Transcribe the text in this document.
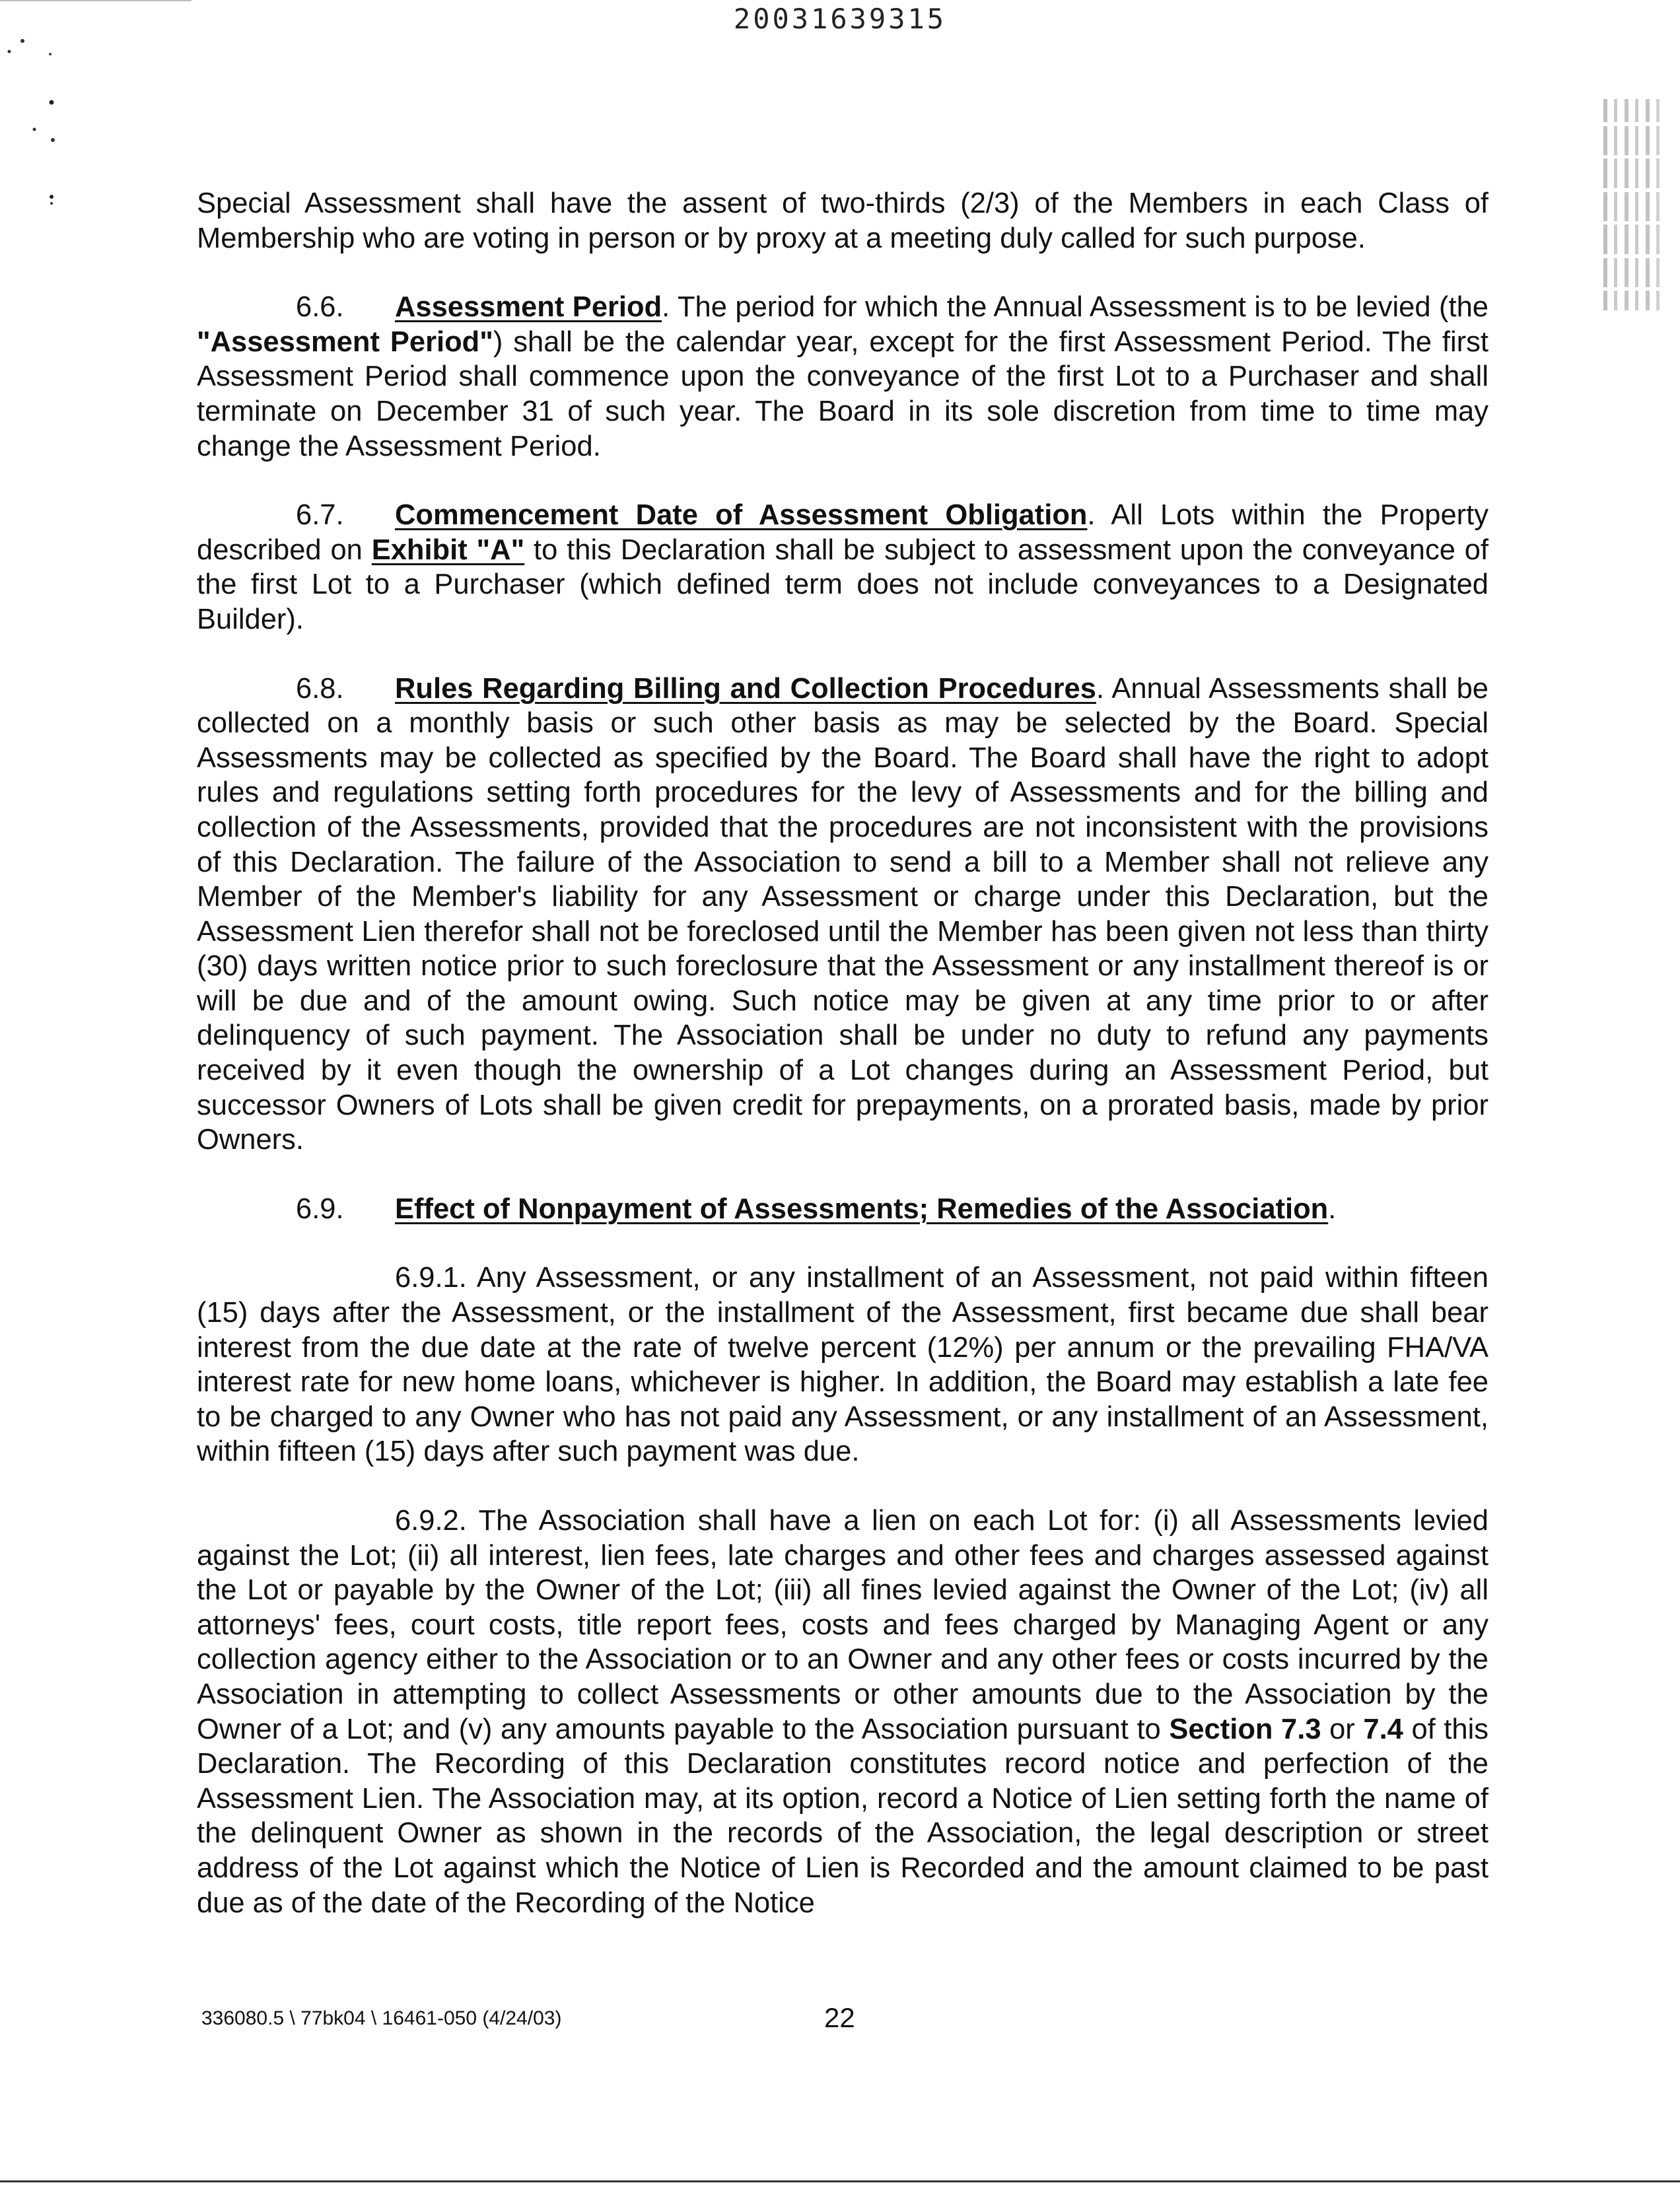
20031639315

Special Assessment shall have the assent of two-thirds (2/3) of the Members in each Class of Membership who are voting in person or by proxy at a meeting duly called for such purpose.

6.6. Assessment Period. The period for which the Annual Assessment is to be levied (the "Assessment Period") shall be the calendar year, except for the first Assessment Period. The first Assessment Period shall commence upon the conveyance of the first Lot to a Purchaser and shall terminate on December 31 of such year. The Board in its sole discretion from time to time may change the Assessment Period.

6.7. Commencement Date of Assessment Obligation. All Lots within the Property described on Exhibit "A" to this Declaration shall be subject to assessment upon the conveyance of the first Lot to a Purchaser (which defined term does not include conveyances to a Designated Builder).

6.8. Rules Regarding Billing and Collection Procedures. Annual Assessments shall be collected on a monthly basis or such other basis as may be selected by the Board. Special Assessments may be collected as specified by the Board. The Board shall have the right to adopt rules and regulations setting forth procedures for the levy of Assessments and for the billing and collection of the Assessments, provided that the procedures are not inconsistent with the provisions of this Declaration. The failure of the Association to send a bill to a Member shall not relieve any Member of the Member's liability for any Assessment or charge under this Declaration, but the Assessment Lien therefor shall not be foreclosed until the Member has been given not less than thirty (30) days written notice prior to such foreclosure that the Assessment or any installment thereof is or will be due and of the amount owing. Such notice may be given at any time prior to or after delinquency of such payment. The Association shall be under no duty to refund any payments received by it even though the ownership of a Lot changes during an Assessment Period, but successor Owners of Lots shall be given credit for prepayments, on a prorated basis, made by prior Owners.

6.9. Effect of Nonpayment of Assessments; Remedies of the Association.

6.9.1. Any Assessment, or any installment of an Assessment, not paid within fifteen (15) days after the Assessment, or the installment of the Assessment, first became due shall bear interest from the due date at the rate of twelve percent (12%) per annum or the prevailing FHA/VA interest rate for new home loans, whichever is higher. In addition, the Board may establish a late fee to be charged to any Owner who has not paid any Assessment, or any installment of an Assessment, within fifteen (15) days after such payment was due.

6.9.2. The Association shall have a lien on each Lot for: (i) all Assessments levied against the Lot; (ii) all interest, lien fees, late charges and other fees and charges assessed against the Lot or payable by the Owner of the Lot; (iii) all fines levied against the Owner of the Lot; (iv) all attorneys' fees, court costs, title report fees, costs and fees charged by Managing Agent or any collection agency either to the Association or to an Owner and any other fees or costs incurred by the Association in attempting to collect Assessments or other amounts due to the Association by the Owner of a Lot; and (v) any amounts payable to the Association pursuant to Section 7.3 or 7.4 of this Declaration. The Recording of this Declaration constitutes record notice and perfection of the Assessment Lien. The Association may, at its option, record a Notice of Lien setting forth the name of the delinquent Owner as shown in the records of the Association, the legal description or street address of the Lot against which the Notice of Lien is Recorded and the amount claimed to be past due as of the date of the Recording of the Notice

336080.5 \ 77bk04 \ 16461-050 (4/24/03)	22
